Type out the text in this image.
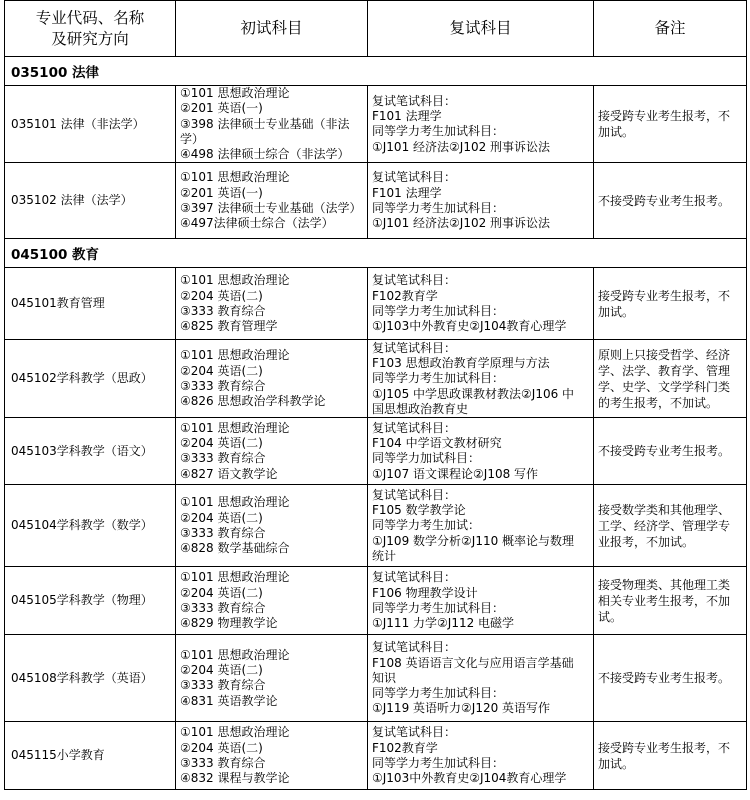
专业代码、名称
及研究方向	初试科目	复试科目	备注
035100 法律			
035101 法律（非法学）	①101 思想政治理论
②201 英语(一)
③398 法律硕士专业基础（非法
学）
④498 法律硕士综合（非法学）	复试笔试科目：
F101 法理学
同等学力考生加试科目：
①J101 经济法②J102 刑事诉讼法	接受跨专业考生报考，不
加试。

035102 法律（法学）	①101 思想政治理论
②201 英语(一)
③397 法律硕士专业基础（法学）
④497法律硕士综合（法学）	复试笔试科目：
F101 法理学
同等学力考生加试科目：
①J101 经济法②J102 刑事诉讼法	不接受跨专业考生报考。

045100 教育			
045101教育管理	①101 思想政治理论
②204 英语(二)
③333 教育综合
④825 教育管理学	复试笔试科目：
F102教育学
同等学力考生加试科目：
①J103中外教育史②J104教育心理学	接受跨专业考生报考，不
加试。

045102学科教学（思政）	①101 思想政治理论
②204 英语(二)
③333 教育综合
④826 思想政治学科教学论	复试笔试科目：
F103 思想政治教育学原理与方法
同等学力考生加试科目：
①J105 中学思政课教材教法②J106 中
国思想政治教育史	原则上只接受哲学、经济
学、法学、教育学、管理
学、史学、文学学科门类
的考生报考，不加试。

045103学科教学（语文）	①101 思想政治理论
②204 英语(二)
③333 教育综合
④827 语文教学论	复试笔试科目：
F104 中学语文教材研究
同等学力加试科目：
①J107 语文课程论②J108 写作	不接受跨专业考生报考。

045104学科教学（数学）	①101 思想政治理论
②204 英语(二)
③333 教育综合
④828 数学基础综合	复试笔试科目：
F105 数学教学论
同等学力考生加试：
①J109 数学分析②J110 概率论与数理
统计	接受数学类和其他理学、
工学、经济学、管理学专
业报考，不加试。

045105学科教学（物理）	①101 思想政治理论
②204 英语(二)
③333 教育综合
④829 物理教学论	复试笔试科目：
F106 物理教学设计
同等学力考生加试科目：
①J111 力学②J112 电磁学	接受物理类、其他理工类
相关专业考生报考，不加
试。

045108学科教学（英语）	①101 思想政治理论
②204 英语(二)
③333 教育综合
④831 英语教学论	复试笔试科目：
F108 英语语言文化与应用语言学基础
知识
同等学力考生加试科目：
①J119 英语听力②J120 英语写作	不接受跨专业考生报考。

045115小学教育	①101 思想政治理论
②204 英语(二)
③333 教育综合
④832 课程与教学论	复试笔试科目：
F102教育学
同等学力考生加试科目：
①J103中外教育史②J104教育心理学	接受跨专业考生报考，不
加试。
